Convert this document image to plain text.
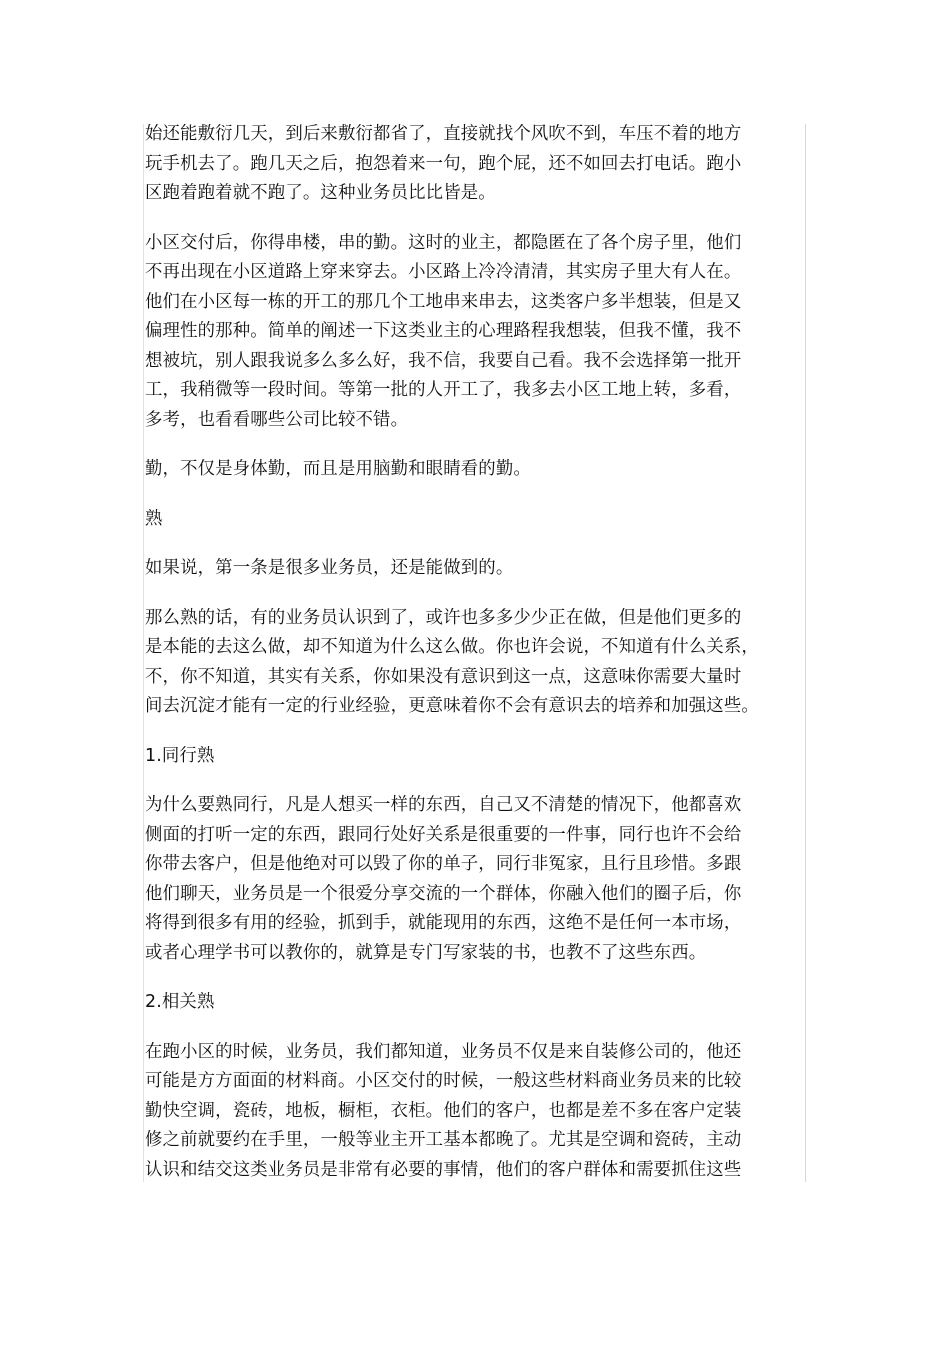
始还能敷衍几天，到后来敷衍都省了，直接就找个风吹不到，车压不着的地方
玩手机去了。跑几天之后，抱怨着来一句，跑个屁，还不如回去打电话。跑小
区跑着跑着就不跑了。这种业务员比比皆是。

小区交付后，你得串楼，串的勤。这时的业主，都隐匿在了各个房子里，他们
不再出现在小区道路上穿来穿去。小区路上冷冷清清，其实房子里大有人在。
他们在小区每一栋的开工的那几个工地串来串去，这类客户多半想装，但是又
偏理性的那种。简单的阐述一下这类业主的心理路程我想装，但我不懂，我不
想被坑，别人跟我说多么多么好，我不信，我要自己看。我不会选择第一批开
工，我稍微等一段时间。等第一批的人开工了，我多去小区工地上转，多看，
多考，也看看哪些公司比较不错。

勤，不仅是身体勤，而且是用脑勤和眼睛看的勤。

熟

如果说，第一条是很多业务员，还是能做到的。

那么熟的话，有的业务员认识到了，或许也多多少少正在做，但是他们更多的
是本能的去这么做，却不知道为什么这么做。你也许会说，不知道有什么关系，
不，你不知道，其实有关系，你如果没有意识到这一点，这意味你需要大量时
间去沉淀才能有一定的行业经验，更意味着你不会有意识去的培养和加强这些。

1.同行熟

为什么要熟同行，凡是人想买一样的东西，自己又不清楚的情况下，他都喜欢
侧面的打听一定的东西，跟同行处好关系是很重要的一件事，同行也许不会给
你带去客户，但是他绝对可以毁了你的单子，同行非冤家，且行且珍惜。多跟
他们聊天，业务员是一个很爱分享交流的一个群体，你融入他们的圈子后，你
将得到很多有用的经验，抓到手，就能现用的东西，这绝不是任何一本市场，
或者心理学书可以教你的，就算是专门写家装的书，也教不了这些东西。

2.相关熟

在跑小区的时候，业务员，我们都知道，业务员不仅是来自装修公司的，他还
可能是方方面面的材料商。小区交付的时候，一般这些材料商业务员来的比较
勤快空调，瓷砖，地板，橱柜，衣柜。他们的客户，也都是差不多在客户定装
修之前就要约在手里，一般等业主开工基本都晚了。尤其是空调和瓷砖，主动
认识和结交这类业务员是非常有必要的事情，他们的客户群体和需要抓住这些
